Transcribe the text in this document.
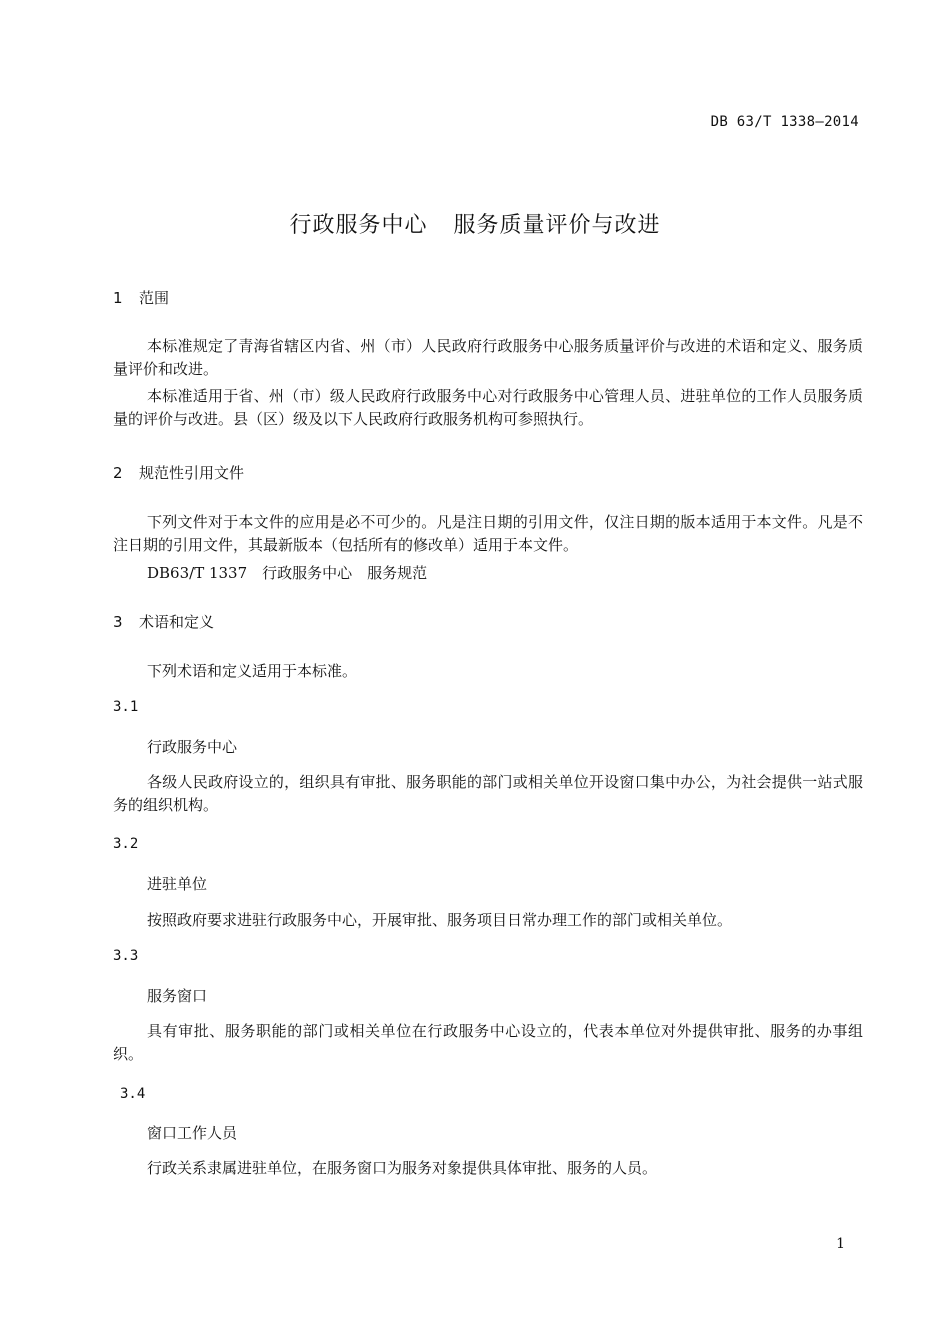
DB 63/T 1338—2014
行政服务中心 服务质量评价与改进
1 范围

本标准规定了青海省辖区内省、州（市）人民政府行政服务中心服务质量评价与改进的术语和定义、服务质量评价和改进。

本标准适用于省、州（市）级人民政府行政服务中心对行政服务中心管理人员、进驻单位的工作人员服务质量的评价与改进。县（区）级及以下人民政府行政服务机构可参照执行。

2 规范性引用文件

下列文件对于本文件的应用是必不可少的。凡是注日期的引用文件，仅注日期的版本适用于本文件。凡是不注日期的引用文件，其最新版本（包括所有的修改单）适用于本文件。

DB63/T 1337　行政服务中心　服务规范
3 术语和定义
下列术语和定义适用于本标准。
3.1
行政服务中心

各级人民政府设立的，组织具有审批、服务职能的部门或相关单位开设窗口集中办公，为社会提供一站式服务的组织机构。

3.2
进驻单位

按照政府要求进驻行政服务中心，开展审批、服务项目日常办理工作的部门或相关单位。

3.3
服务窗口

具有审批、服务职能的部门或相关单位在行政服务中心设立的，代表本单位对外提供审批、服务的办事组织。

3.4
窗口工作人员

行政关系隶属进驻单位，在服务窗口为服务对象提供具体审批、服务的人员。

1
